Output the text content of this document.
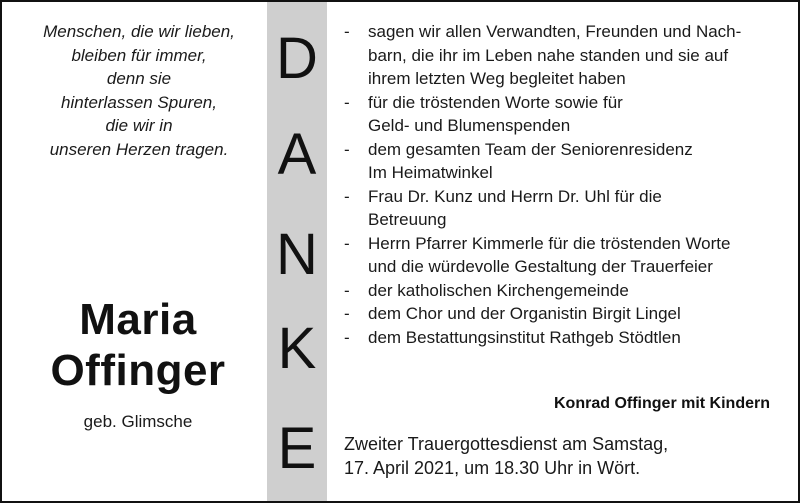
Menschen, die wir lieben,
bleiben für immer,
denn sie
hinterlassen Spuren,
die wir in
unseren Herzen tragen.
Maria
Offinger
geb. Glimsche
D
A
N
K
E
- sagen wir allen Verwandten, Freunden und Nach-
barn, die ihr im Leben nahe standen und sie auf
ihrem letzten Weg begleitet haben
- für die tröstenden Worte sowie für
Geld- und Blumenspenden
- dem gesamten Team der Seniorenresidenz
Im Heimatwinkel
- Frau Dr. Kunz und Herrn Dr. Uhl für die
Betreuung
- Herrn Pfarrer Kimmerle für die tröstenden Worte
und die würdevolle Gestaltung der Trauerfeier
- der katholischen Kirchengemeinde
- dem Chor und der Organistin Birgit Lingel
- dem Bestattungsinstitut Rathgeb Stödtlen
Konrad Offinger mit Kindern
Zweiter Trauergottesdienst am Samstag,
17. April 2021, um 18.30 Uhr in Wört.
